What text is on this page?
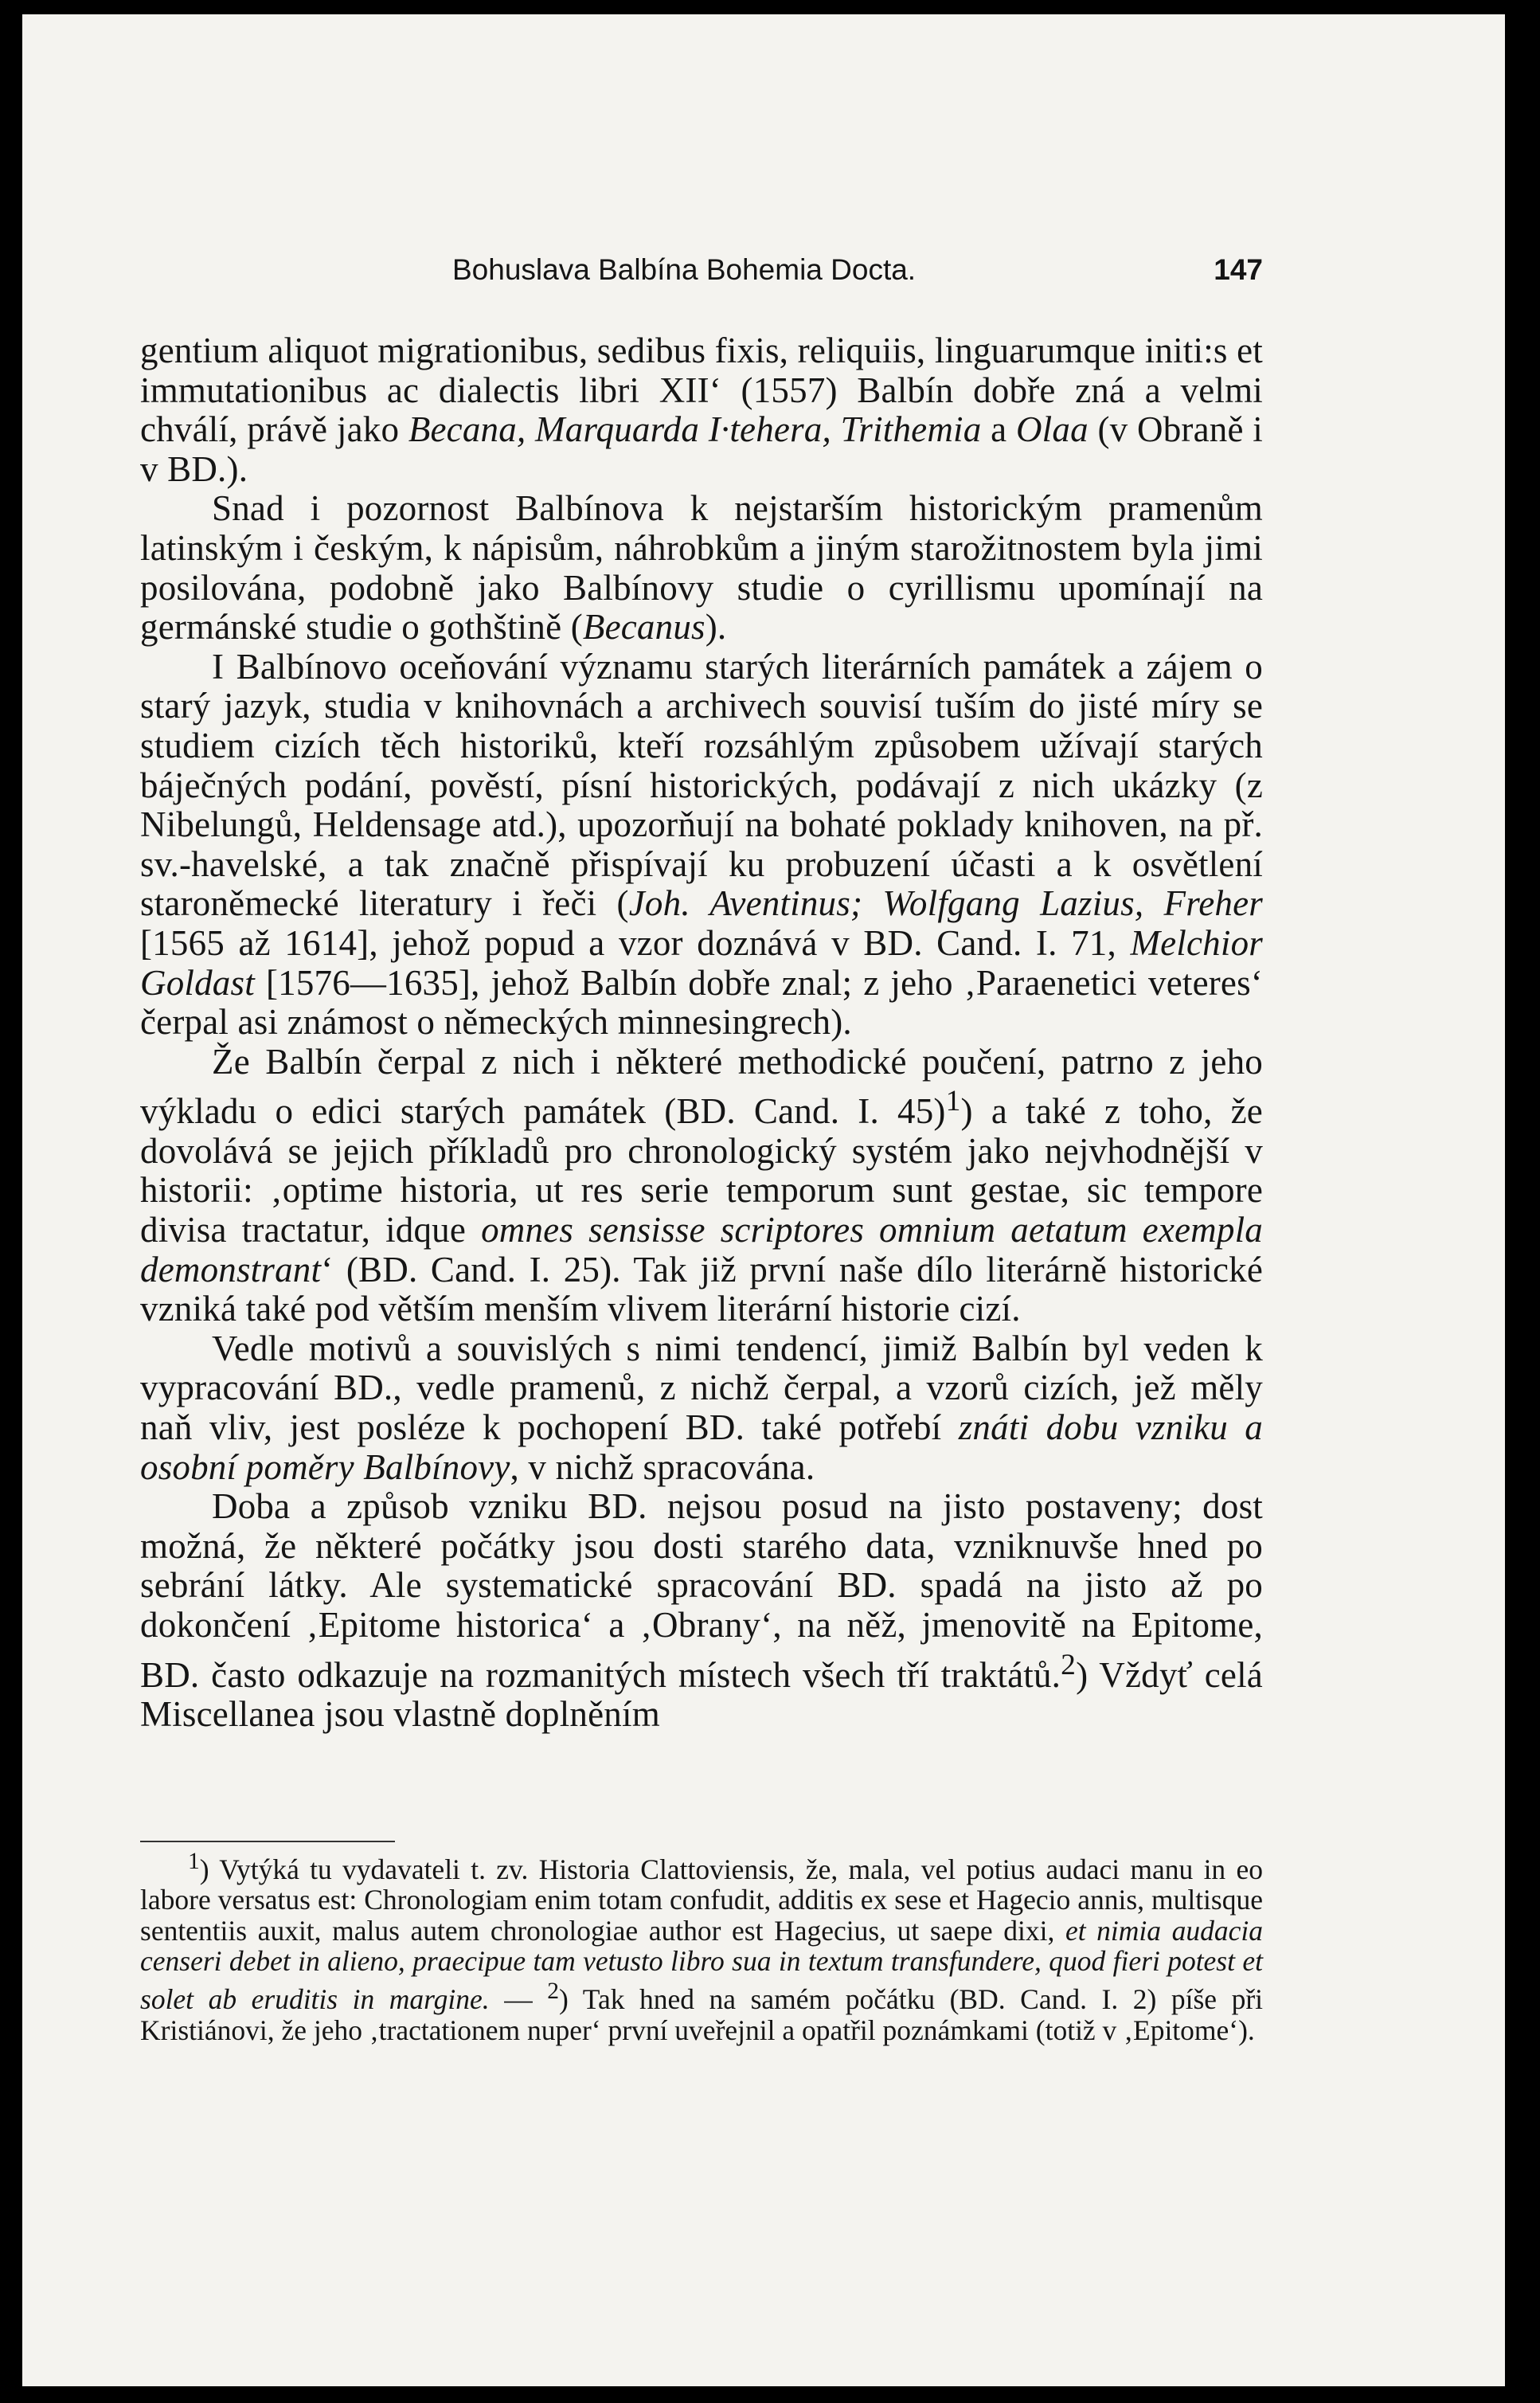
Bohuslava Balbína Bohemia Docta.	147

gentium aliquot migrationibus, sedibus fixis, reliquiis, linguarumque initi:s et immutationibus ac dialectis libri XII‘ (1557) Balbín dobře zná a velmi chválí, právě jako Becana, Marquarda I·tehera, Trithemia a Olaa (v Obraně i v BD.).

Snad i pozornost Balbínova k nejstarším historickým pramenům latinským i českým, k nápisům, náhrobkům a jiným starožitnostem byla jimi posilována, podobně jako Balbínovy studie o cyrillismu upomínají na germánské studie o gothštině (Becanus).

I Balbínovo oceňování významu starých literárních památek a zájem o starý jazyk, studia v knihovnách a archivech souvisí tuším do jisté míry se studiem cizích těch historiků, kteří rozsáhlým způsobem užívají starých báječných podání, pověstí, písní historických, podávají z nich ukázky (z Nibelungů, Heldensage atd.), upozorňují na bohaté poklady knihoven, na př. sv.-havelské, a tak značně přispívají ku probuzení účasti a k osvětlení staroněmecké literatury i řeči (Joh. Aventinus; Wolfgang Lazius, Freher [1565 až 1614], jehož popud a vzor doznává v BD. Cand. I. 71, Melchior Goldast [1576—1635], jehož Balbín dobře znal; z jeho ‚Paraenetici veteres‘ čerpal asi známost o německých minnesingrech).

Že Balbín čerpal z nich i některé methodické poučení, patrno z jeho výkladu o edici starých památek (BD. Cand. I. 45)$^1$) a také z toho, že dovolává se jejich příkladů pro chronologický systém jako nejvhodnější v historii: ‚optime historia, ut res serie temporum sunt gestae, sic tempore divisa tractatur, idque omnes sensisse scriptores omnium aetatum exempla demonstrant‘ (BD. Cand. I. 25). Tak již první naše dílo literárně historické vzniká také pod větším menším vlivem literární historie cizí.

Vedle motivů a souvislých s nimi tendencí, jimiž Balbín byl veden k vypracování BD., vedle pramenů, z nichž čerpal, a vzorů cizích, jež měly naň vliv, jest posléze k pochopení BD. také potřebí znáti dobu vzniku a osobní poměry Balbínovy, v nichž spracována.

Doba a způsob vzniku BD. nejsou posud na jisto postaveny; dost možná, že některé počátky jsou dosti starého data, vzniknuvše hned po sebrání látky. Ale systematické spracování BD. spadá na jisto až po dokončení ‚Epitome historica‘ a ‚Obrany‘, na něž, jmenovitě na Epitome, BD. často odkazuje na rozmanitých místech všech tří traktátů.$^2$) Vždyť celá Miscellanea jsou vlastně doplněním

$^1$) Vytýká tu vydavateli t. zv. Historia Clattoviensis, že, mala, vel potius audaci manu in eo labore versatus est: Chronologiam enim totam confudit, additis ex sese et Hagecio annis, multisque sententiis auxit, malus autem chronologiae author est Hagecius, ut saepe dixi, et nimia audacia censeri debet in alieno, praecipue tam vetusto libro sua in textum transfundere, quod fieri potest et solet ab eruditis in margine. — $^2$) Tak hned na samém počátku (BD. Cand. I. 2) píše při Kristiánovi, že jeho ‚tractationem nuper‘ první uveřejnil a opatřil poznámkami (totiž v ‚Epitome‘).
